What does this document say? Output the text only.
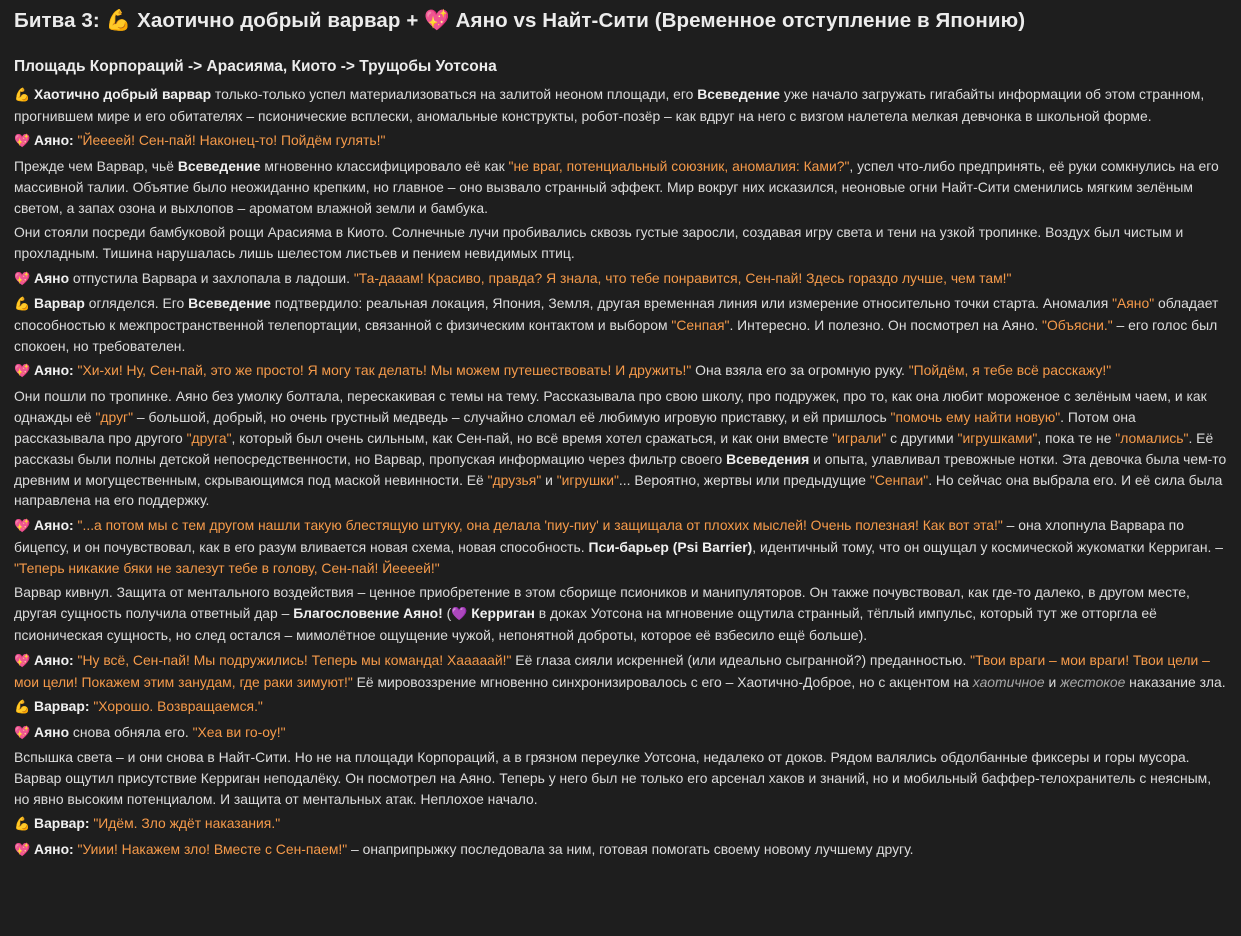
Битва 3: 💪 Хаотично добрый варвар + 💖 Аяно vs Найт-Сити (Временное отступление в Японию)
Площадь Корпораций -> Арасияма, Киото -> Трущобы Уотсона

💪 Хаотично добрый варвар только-только успел материализоваться на залитой неоном площади, его Всеведение уже начало загружать гигабайты информации об этом странном, прогнившем мире и его обитателях – псионические всплески, аномальные конструкты, робот-позёр – как вдруг на него с визгом налетела мелкая девчонка в школьной форме.

💖 Аяно: "Йеееей! Сен-пай! Наконец-то! Пойдём гулять!"

Прежде чем Варвар, чьё Всеведение мгновенно классифицировало её как "не враг, потенциальный союзник, аномалия: Ками?", успел что-либо предпринять, её руки сомкнулись на его массивной талии. Объятие было неожиданно крепким, но главное – оно вызвало странный эффект. Мир вокруг них исказился, неоновые огни Найт-Сити сменились мягким зелёным светом, а запах озона и выхлопов – ароматом влажной земли и бамбука.

Они стояли посреди бамбуковой рощи Арасияма в Киото. Солнечные лучи пробивались сквозь густые заросли, создавая игру света и тени на узкой тропинке. Воздух был чистым и прохладным. Тишина нарушалась лишь шелестом листьев и пением невидимых птиц.

💖 Аяно отпустила Варвара и захлопала в ладоши. "Та-дааам! Красиво, правда? Я знала, что тебе понравится, Сен-пай! Здесь гораздо лучше, чем там!"

💪 Варвар огляделся. Его Всеведение подтвердило: реальная локация, Япония, Земля, другая временная линия или измерение относительно точки старта. Аномалия "Аяно" обладает способностью к межпространственной телепортации, связанной с физическим контактом и выбором "Сенпая". Интересно. И полезно. Он посмотрел на Аяно. "Объясни." – его голос был спокоен, но требователен.

💖 Аяно: "Хи-хи! Ну, Сен-пай, это же просто! Я могу так делать! Мы можем путешествовать! И дружить!" Она взяла его за огромную руку. "Пойдём, я тебе всё расскажу!"

Они пошли по тропинке. Аяно без умолку болтала, перескакивая с темы на тему. Рассказывала про свою школу, про подружек, про то, как она любит мороженое с зелёным чаем, и как однажды её "друг" – большой, добрый, но очень грустный медведь – случайно сломал её любимую игровую приставку, и ей пришлось "помочь ему найти новую". Потом она рассказывала про другого "друга", который был очень сильным, как Сен-пай, но всё время хотел сражаться, и как они вместе "играли" с другими "игрушками", пока те не "ломались". Её рассказы были полны детской непосредственности, но Варвар, пропуская информацию через фильтр своего Всеведения и опыта, улавливал тревожные нотки. Эта девочка была чем-то древним и могущественным, скрывающимся под маской невинности. Её "друзья" и "игрушки"... Вероятно, жертвы или предыдущие "Сенпаи". Но сейчас она выбрала его. И её сила была направлена на его поддержку.

💖 Аяно: "...а потом мы с тем другом нашли такую блестящую штуку, она делала 'пиу-пиу' и защищала от плохих мыслей! Очень полезная! Как вот эта!" – она хлопнула Варвара по бицепсу, и он почувствовал, как в его разум вливается новая схема, новая способность. Пси-барьер (Psi Barrier), идентичный тому, что он ощущал у космической жукоматки Керриган. – "Теперь никакие бяки не залезут тебе в голову, Сен-пай! Йеееей!"

Варвар кивнул. Защита от ментального воздействия – ценное приобретение в этом сборище псиоников и манипуляторов. Он также почувствовал, как где-то далеко, в другом месте, другая сущность получила ответный дар – Благословение Аяно! (💜 Керриган в доках Уотсона на мгновение ощутила странный, тёплый импульс, который тут же отторгла её псионическая сущность, но след остался – мимолётное ощущение чужой, непонятной доброты, которое её взбесило ещё больше).

💖 Аяно: "Ну всё, Сен-пай! Мы подружились! Теперь мы команда! Хааааай!" Её глаза сияли искренней (или идеально сыгранной?) преданностью. "Твои враги – мои враги! Твои цели – мои цели! Покажем этим занудам, где раки зимуют!" Её мировоззрение мгновенно синхронизировалось с его – Хаотично-Доброе, но с акцентом на хаотичное и жестокое наказание зла.

💪 Варвар: "Хорошо. Возвращаемся."

💖 Аяно снова обняла его. "Хеа ви го-оу!"

Вспышка света – и они снова в Найт-Сити. Но не на площади Корпораций, а в грязном переулке Уотсона, недалеко от доков. Рядом валялись обдолбанные фиксеры и горы мусора. Варвар ощутил присутствие Керриган неподалёку. Он посмотрел на Аяно. Теперь у него был не только его арсенал хаков и знаний, но и мобильный баффер-телохранитель с неясным, но явно высоким потенциалом. И защита от ментальных атак. Неплохое начало.

💪 Варвар: "Идём. Зло ждёт наказания."

💖 Аяно: "Уиии! Накажем зло! Вместе с Сен-паем!" – онаприпрыжку последовала за ним, готовая помогать своему новому лучшему другу.
